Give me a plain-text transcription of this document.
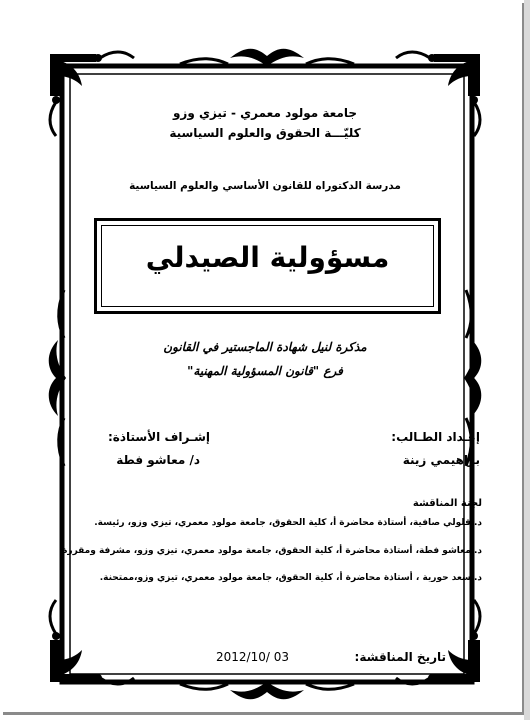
جامعة مولود معمري - تيزي وزو
كليّـــة الحقوق والعلوم السياسية
مدرسة الدكتوراه للقانون الأساسي والعلوم السياسية
مسؤولية الصيدلي
مذكرة لنيل شهادة الماجستير في القانون
فرع "قانون المسؤولية المهنية"
إعـداد الطـالب:
براهيمي زينة
إشـراف الأستاذة:
د/ معاشو فطة
لجنة المناقشة
د.إقلولي صافية، أستاذة محاضرة أ، كلية الحقوق، جامعة مولود معمري، تيزي وزو، رئيسة.
د. معاشو فطة، أستاذة محاضرة أ، كلية الحقوق، جامعة مولود معمري، تيزي وزو، مشرفة ومقررة
د.إسعد حورية ، أستاذة محاضرة أ، كلية الحقوق، جامعة مولود معمري، تيزي وزو،ممتحنة.
تاريخ المناقشة:
2012/10/ 03
